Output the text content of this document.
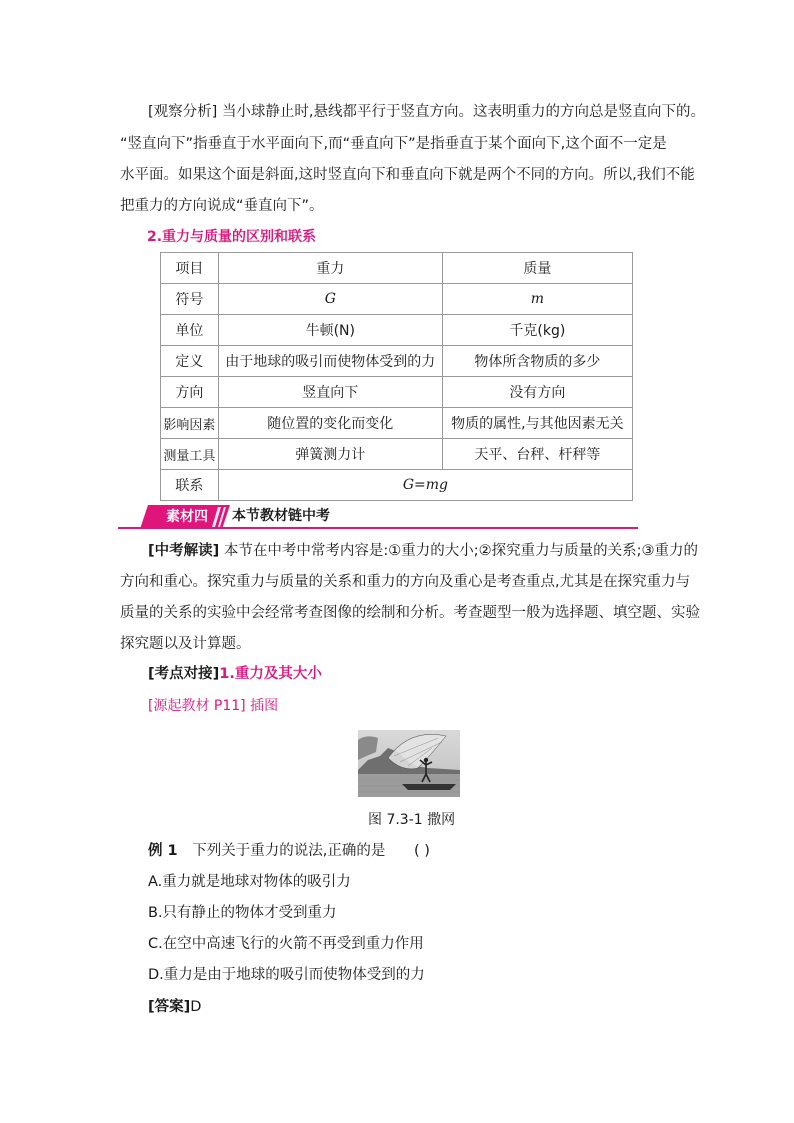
[观察分析] 当小球静止时,悬线都平行于竖直方向。这表明重力的方向总是竖直向下的。
“竖直向下”指垂直于水平面向下,而“垂直向下”是指垂直于某个面向下,这个面不一定是
水平面。如果这个面是斜面,这时竖直向下和垂直向下就是两个不同的方向。所以,我们不能
把重力的方向说成“垂直向下”。
2.重力与质量的区别和联系
项目	重力	质量
符号	G	m
单位	牛顿(N)	千克(kg)
定义	由于地球的吸引而使物体受到的力	物体所含物质的多少
方向	竖直向下	没有方向
影响因素	随位置的变化而变化	物质的属性,与其他因素无关
测量工具	弹簧测力计	天平、台秤、杆秤等
联系	G=mg	
素材四 本节教材链中考
[中考解读] 本节在中考中常考内容是:①重力的大小;②探究重力与质量的关系;③重力的
方向和重心。探究重力与质量的关系和重力的方向及重心是考查重点,尤其是在探究重力与
质量的关系的实验中会经常考查图像的绘制和分析。考查题型一般为选择题、填空题、实验
探究题以及计算题。
[考点对接]1.重力及其大小
[源起教材 P11] 插图
图 7.3-1 撒网
例 1 下列关于重力的说法,正确的是 ( )
A.重力就是地球对物体的吸引力
B.只有静止的物体才受到重力
C.在空中高速飞行的火箭不再受到重力作用
D.重力是由于地球的吸引而使物体受到的力
[答案]D
